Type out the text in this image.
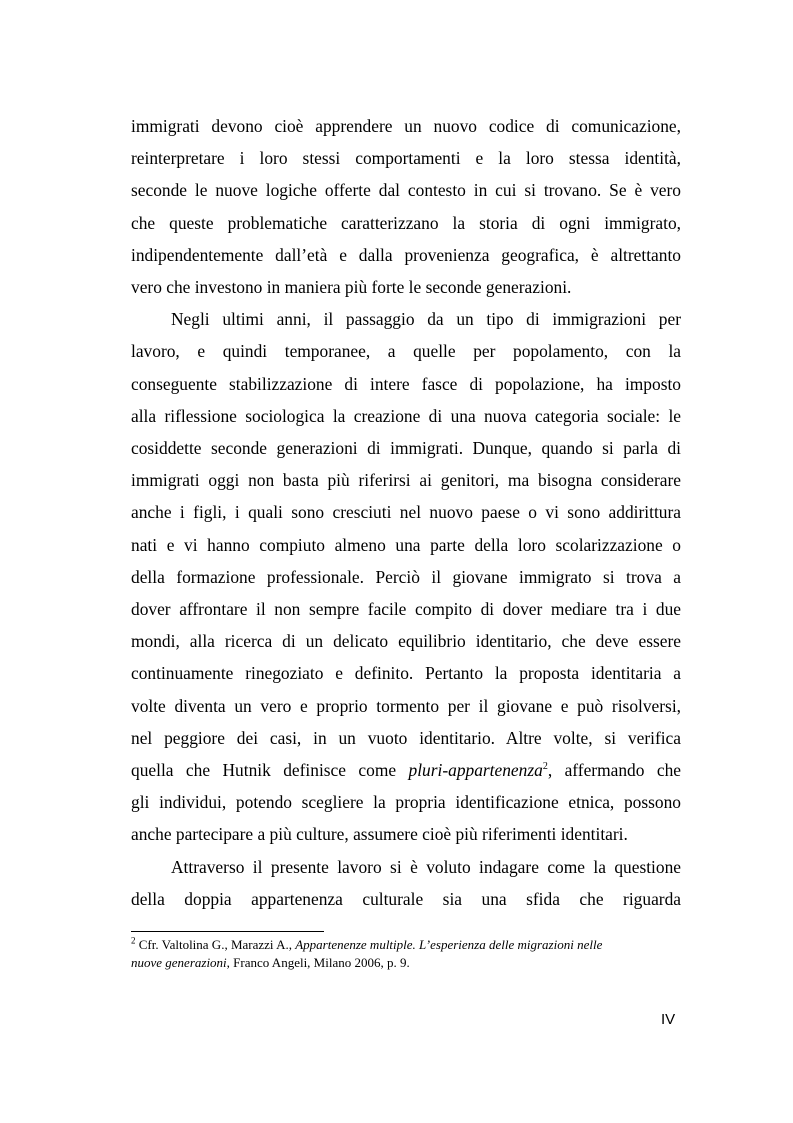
immigrati devono cioè apprendere un nuovo codice di comunicazione,
reinterpretare i loro stessi comportamenti e la loro stessa identità,
seconde le nuove logiche offerte dal contesto in cui si trovano. Se è vero
che queste problematiche caratterizzano la storia di ogni immigrato,
indipendentemente dall’età e dalla provenienza geografica, è altrettanto
vero che investono in maniera più forte le seconde generazioni.

Negli ultimi anni, il passaggio da un tipo di immigrazioni per
lavoro, e quindi temporanee, a quelle per popolamento, con la
conseguente stabilizzazione di intere fasce di popolazione, ha imposto
alla riflessione sociologica la creazione di una nuova categoria sociale: le
cosiddette seconde generazioni di immigrati. Dunque, quando si parla di
immigrati oggi non basta più riferirsi ai genitori, ma bisogna considerare
anche i figli, i quali sono cresciuti nel nuovo paese o vi sono addirittura
nati e vi hanno compiuto almeno una parte della loro scolarizzazione o
della formazione professionale. Perciò il giovane immigrato si trova a
dover affrontare il non sempre facile compito di dover mediare tra i due
mondi, alla ricerca di un delicato equilibrio identitario, che deve essere
continuamente rinegoziato e definito. Pertanto la proposta identitaria a
volte diventa un vero e proprio tormento per il giovane e può risolversi,
nel peggiore dei casi, in un vuoto identitario. Altre volte, si verifica
quella che Hutnik definisce come pluri-appartenenza$^2$, affermando che
gli individui, potendo scegliere la propria identificazione etnica, possono
anche partecipare a più culture, assumere cioè più riferimenti identitari.

Attraverso il presente lavoro si è voluto indagare come la questione
della doppia appartenenza culturale sia una sfida che riguarda

$^2$ Cfr. Valtolina G., Marazzi A., Appartenenze multiple. L’esperienza delle migrazioni nelle
nuove generazioni, Franco Angeli, Milano 2006, p. 9.
IV
